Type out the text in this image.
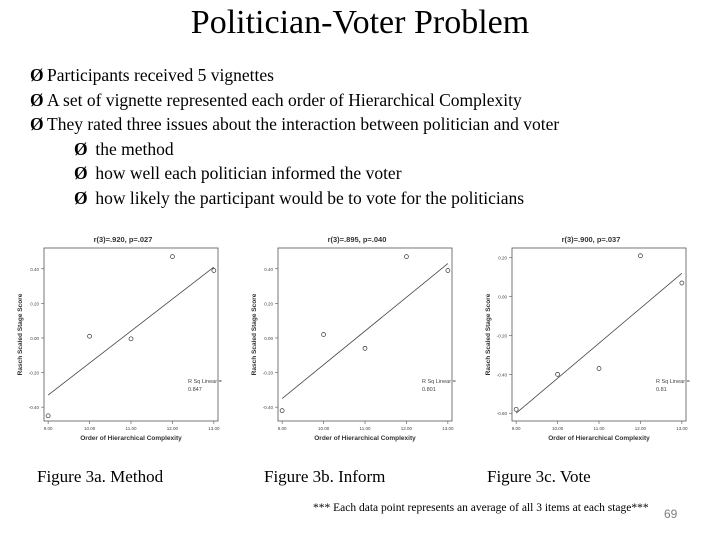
Politician-Voter Problem
Ø Participants received 5 vignettes
Ø A set of vignette represented each order of Hierarchical Complexity
Ø They rated three issues about the interaction between politician and voter
Ø the method
Ø how well each politician informed the voter
Ø how likely the participant would be to vote for the politicians
r(3)=.920, p=.027
-0.40
-0.20
0.00
0.20
0.40
9.00	10.00	11.00	12.00	13.00
Order of Hierarchical Complexity
Rasch Scaled Stage Score
R Sq Linear =
0.847
r(3)=.895, p=.040
-0.40
-0.20
0.00
0.20
0.40
9.00	10.00	11.00	12.00	13.00
Order of Hierarchical Complexity
Rasch Scaled Stage Score
R Sq Linear =
0.801
r(3)=.900, p=.037
-0.60
-0.40
-0.20
0.00
0.20
9.00	10.00	11.00	12.00	13.00
Order of Hierarchical Complexity
Rasch Scaled Stage Score
R Sq Linear =
0.81
Figure 3a. Method	Figure 3b. Inform	Figure 3c. Vote
*** Each data point represents an average of all 3 items at each stage*** 69
